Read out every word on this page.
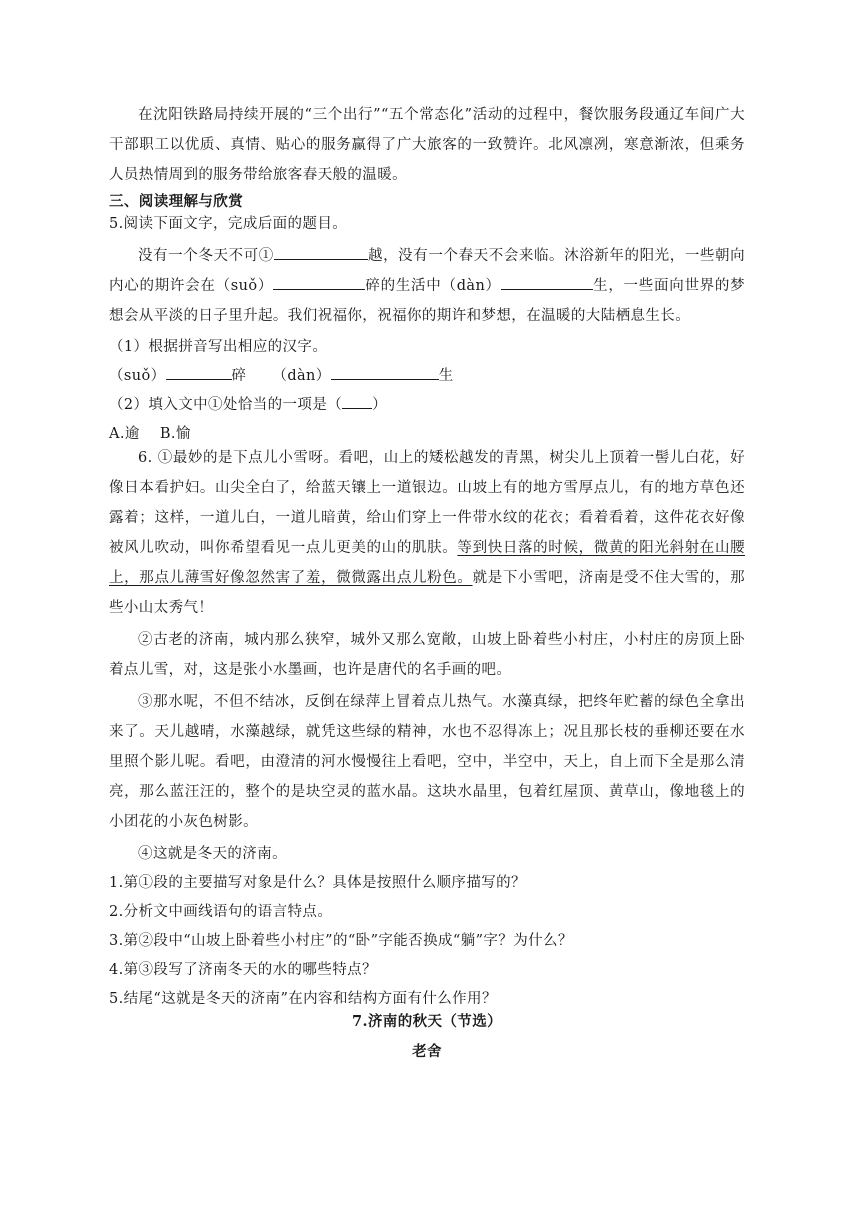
在沈阳铁路局持续开展的“三个出行”“五个常态化”活动的过程中，餐饮服务段通辽车间广大干部职工以优质、真情、贴心的服务赢得了广大旅客的一致赞许。北风凛冽，寒意渐浓，但乘务人员热情周到的服务带给旅客春天般的温暖。

三、阅读理解与欣赏

5.阅读下面文字，完成后面的题目。

没有一个冬天不可①	越，没有一个春天不会来临。沐浴新年的阳光，一些朝向内心的期许会在（suǒ）	碎的生活中（dàn）	生，一些面向世界的梦想会从平淡的日子里升起。我们祝福你，祝福你的期许和梦想，在温暖的大陆栖息生长。

（1）根据拼音写出相应的汉字。

（suǒ）	碎 （dàn）	生

（2）填入文中①处恰当的一项是（ ）

A.逾    B.愉

6. ①最妙的是下点儿小雪呀。看吧，山上的矮松越发的青黑，树尖儿上顶着一髻儿白花，好像日本看护妇。山尖全白了，给蓝天镶上一道银边。山坡上有的地方雪厚点儿，有的地方草色还露着；这样，一道儿白，一道儿暗黄，给山们穿上一件带水纹的花衣；看着看着，这件花衣好像被风儿吹动，叫你希望看见一点儿更美的山的肌肤。等到快日落的时候，微黄的阳光斜射在山腰上，那点儿薄雪好像忽然害了羞，微微露出点儿粉色。就是下小雪吧，济南是受不住大雪的，那些小山太秀气！

②古老的济南，城内那么狭窄，城外又那么宽敞，山坡上卧着些小村庄，小村庄的房顶上卧着点儿雪，对，这是张小水墨画，也许是唐代的名手画的吧。

③那水呢，不但不结冰，反倒在绿萍上冒着点儿热气。水藻真绿，把终年贮蓄的绿色全拿出来了。天儿越晴，水藻越绿，就凭这些绿的精神，水也不忍得冻上；况且那长枝的垂柳还要在水里照个影儿呢。看吧，由澄清的河水慢慢往上看吧，空中，半空中，天上，自上而下全是那么清亮，那么蓝汪汪的，整个的是块空灵的蓝水晶。这块水晶里，包着红屋顶、黄草山，像地毯上的小团花的小灰色树影。

④这就是冬天的济南。

1.第①段的主要描写对象是什么？具体是按照什么顺序描写的？

2.分析文中画线语句的语言特点。

3.第②段中“山坡上卧着些小村庄”的“卧”字能否换成“躺”字？为什么？

4.第③段写了济南冬天的水的哪些特点？

5.结尾“这就是冬天的济南”在内容和结构方面有什么作用？

7.济南的秋天（节选）
老舍
